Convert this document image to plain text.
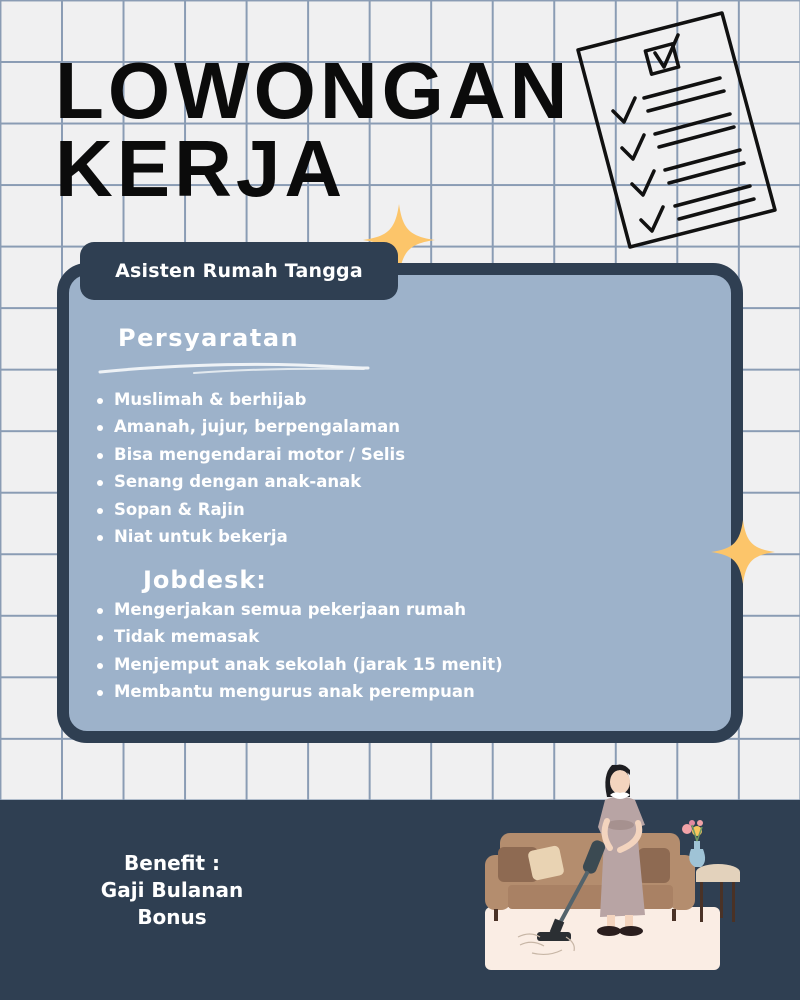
LOWONGAN
KERJA
Asisten Rumah Tangga
Persyaratan
Muslimah & berhijab
Amanah, jujur, berpengalaman
Bisa mengendarai motor / Selis
Senang dengan anak-anak
Sopan & Rajin
Niat untuk bekerja
Jobdesk:
Mengerjakan semua pekerjaan rumah
Tidak memasak
Menjemput anak sekolah (jarak 15 menit)
Membantu mengurus anak perempuan
Benefit :
Gaji Bulanan
Bonus
